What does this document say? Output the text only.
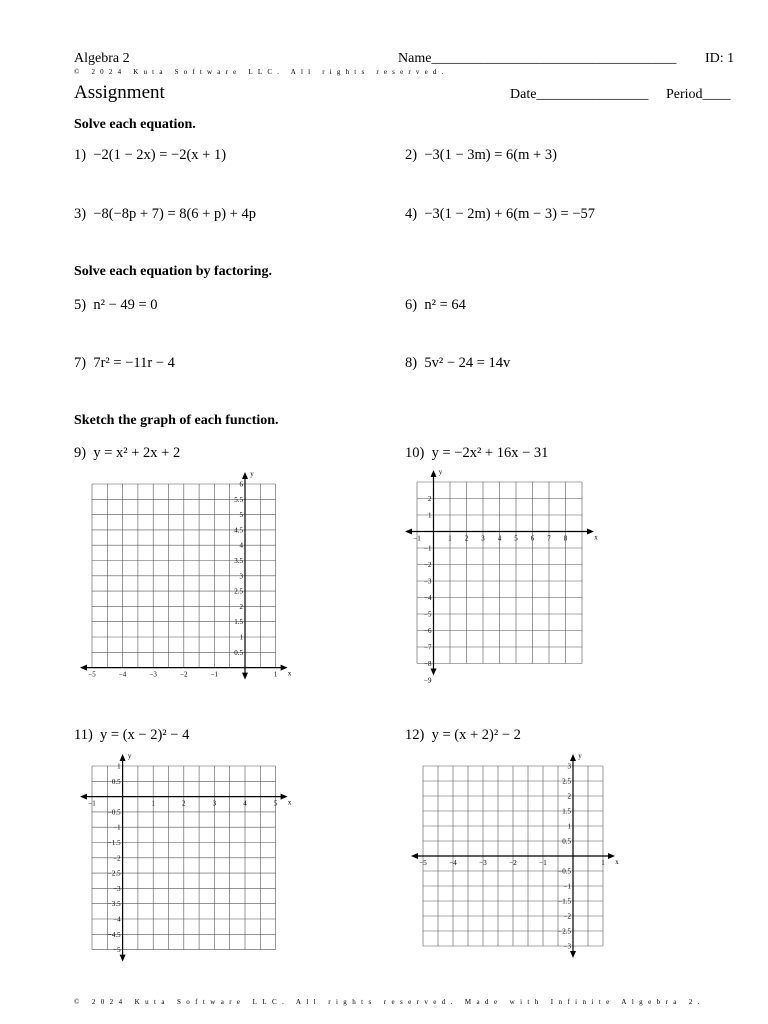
Algebra 2	Name___________________________________ ID: 1
© 2024 Kuta Software LLC. All rights reserved.
Assignment	Date________________ Period____
Solve each equation.
1) −2(1 − 2x) = −2(x + 1)	2) −3(1 − 3m) = 6(m + 3)
3) −8(−8p + 7) = 8(6 + p) + 4p	4) −3(1 − 2m) + 6(m − 3) = −57
Solve each equation by factoring.
5) n² − 49 = 0	6) n² = 64
7) 7r² = −11r − 4	8) 5v² − 24 = 14v
Sketch the graph of each function.
9) y = x² + 2x + 2	10) y = −2x² + 16x − 31
11) y = (x − 2)² − 4	12) y = (x + 2)² − 2
x
y
−5	−4	−3	−2	−1	1
6
5.5
5
4.5
4
3.5
3
2.5
2
1.5
1
0.5
x
y
−1	1 2 3 4 5 6 7 8
2
1
−1
−2
−3
−4
−5
−6
−7
−8
−9
x
y
−1	1	2	3	4	5
1
0.5
−0.5
−1
−1.5
−2
−2.5
−3
−3.5
−4
−4.5
−5
x
y
−5	−4	−3	−2	−1	1
3
2.5
2
1.5
1
0.5
−0.5
−1
−1.5
−2
−2.5
−3
© 2024 Kuta Software LLC. All rights reserved. Made with Infinite Algebra 2.
